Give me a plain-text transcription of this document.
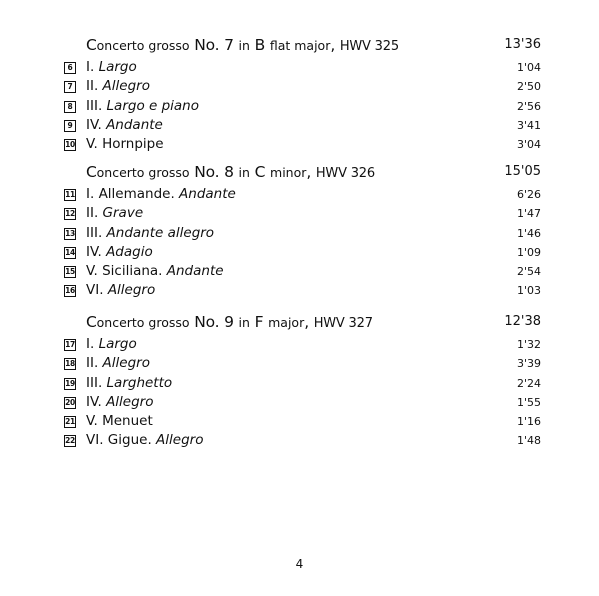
Concerto grosso No. 7 in B flat major, HWV 325	13'36
6 I. Largo	1'04
7 II. Allegro	2'50
8 III. Largo e piano	2'56
9 IV. Andante	3'41
10 V. Hornpipe	3'04
Concerto grosso No. 8 in C minor, HWV 326	15'05
11 I. Allemande. Andante	6'26
12 II. Grave	1'47
13 III. Andante allegro	1'46
14 IV. Adagio	1'09
15 V. Siciliana. Andante	2'54
16 VI. Allegro	1'03
Concerto grosso No. 9 in F major, HWV 327	12'38
17 I. Largo	1'32
18 II. Allegro	3'39
19 III. Larghetto	2'24
20 IV. Allegro	1'55
21 V. Menuet	1'16
22 VI. Gigue. Allegro	1'48
4
